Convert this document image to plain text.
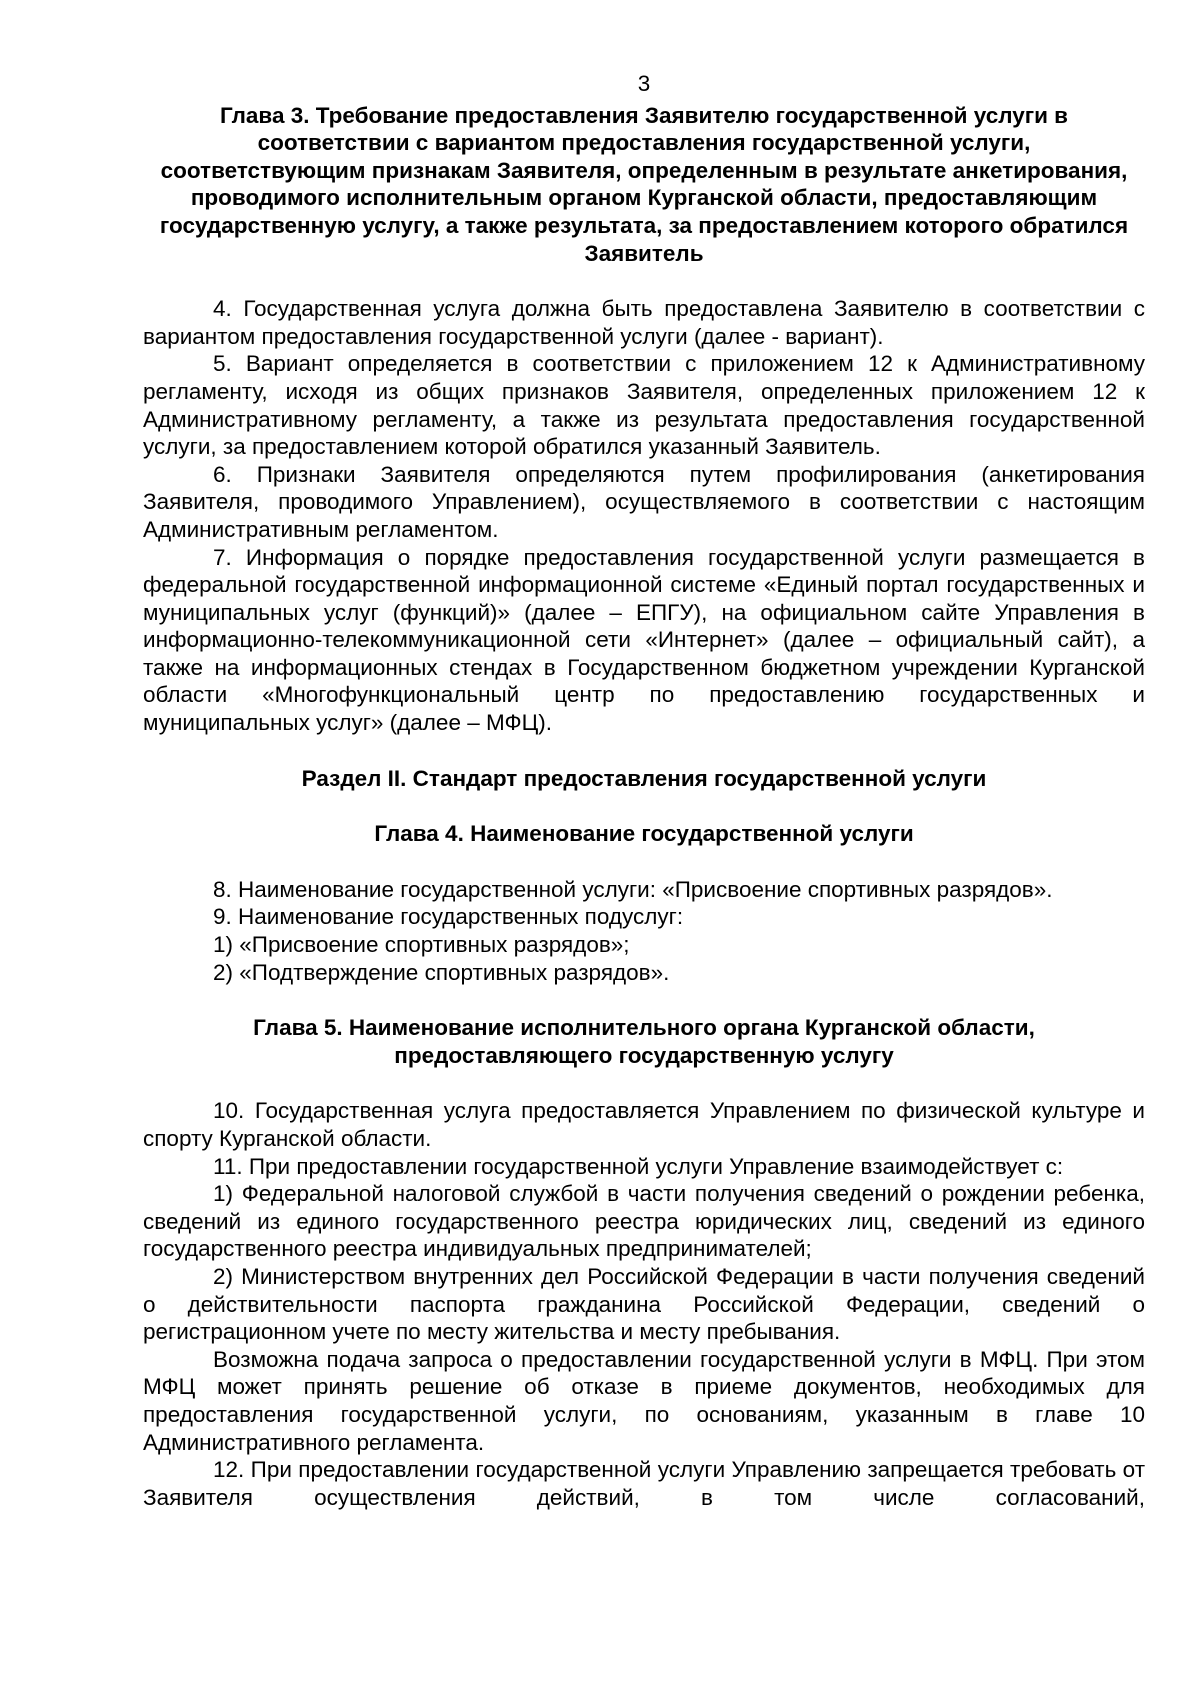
3
Глава 3. Требование предоставления Заявителю государственной услуги в соответствии с вариантом предоставления государственной услуги, соответствующим признакам Заявителя, определенным в результате анкетирования, проводимого исполнительным органом Курганской области, предоставляющим государственную услугу, а также результата, за предоставлением которого обратился Заявитель

4. Государственная услуга должна быть предоставлена Заявителю в соответствии с вариантом предоставления государственной услуги (далее - вариант).

5. Вариант определяется в соответствии с приложением 12 к Административному регламенту, исходя из общих признаков Заявителя, определенных приложением 12 к Административному регламенту, а также из результата предоставления государственной услуги, за предоставлением которой обратился указанный Заявитель.

6. Признаки Заявителя определяются путем профилирования (анкетирования Заявителя, проводимого Управлением), осуществляемого в соответствии с настоящим Административным регламентом.

7. Информация о порядке предоставления государственной услуги размещается в федеральной государственной информационной системе «Единый портал государственных и муниципальных услуг (функций)» (далее – ЕПГУ), на официальном сайте Управления в информационно-телекоммуникационной сети «Интернет» (далее – официальный сайт), а также на информационных стендах в Государственном бюджетном учреждении Курганской области «Многофункциональный центр по предоставлению государственных и муниципальных услуг» (далее – МФЦ).

Раздел II. Стандарт предоставления государственной услуги
Глава 4. Наименование государственной услуги

8. Наименование государственной услуги: «Присвоение спортивных разрядов».

9. Наименование государственных подуслуг:

1) «Присвоение спортивных разрядов»;

2) «Подтверждение спортивных разрядов».

Глава 5. Наименование исполнительного органа Курганской области,
предоставляющего государственную услугу

10. Государственная услуга предоставляется Управлением по физической культуре и спорту Курганской области.

11. При предоставлении государственной услуги Управление взаимодействует с:

1) Федеральной налоговой службой в части получения сведений о рождении ребенка, сведений из единого государственного реестра юридических лиц, сведений из единого государственного реестра индивидуальных предпринимателей;

2) Министерством внутренних дел Российской Федерации в части получения сведений о действительности паспорта гражданина Российской Федерации, сведений о регистрационном учете по месту жительства и месту пребывания.

Возможна подача запроса о предоставлении государственной услуги в МФЦ. При этом МФЦ может принять решение об отказе в приеме документов, необходимых для предоставления государственной услуги, по основаниям, указанным в главе 10 Административного регламента.

12. При предоставлении государственной услуги Управлению запрещается требовать от Заявителя осуществления действий, в том числе согласований,
